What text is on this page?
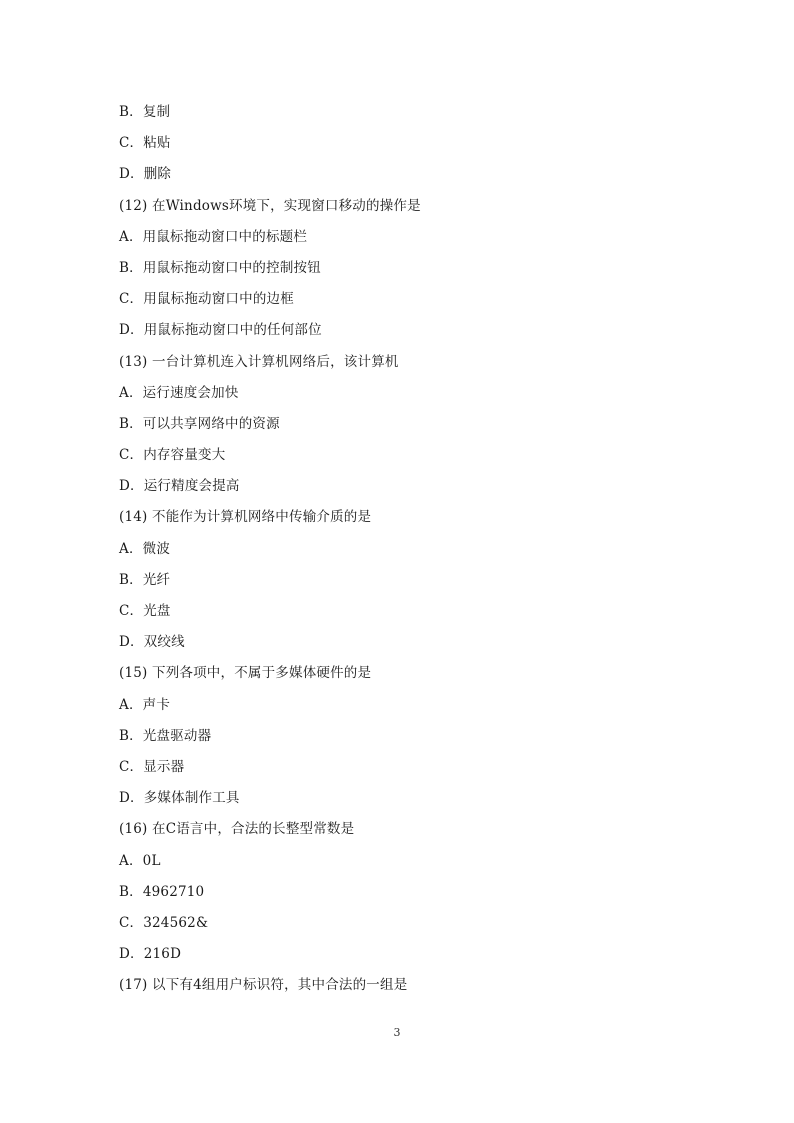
B．复制
C．粘贴
D．删除
(12) 在Windows环境下，实现窗口移动的操作是
A．用鼠标拖动窗口中的标题栏
B．用鼠标拖动窗口中的控制按钮
C．用鼠标拖动窗口中的边框
D．用鼠标拖动窗口中的任何部位
(13) 一台计算机连入计算机网络后，该计算机
A．运行速度会加快
B．可以共享网络中的资源
C．内存容量变大
D．运行精度会提高
(14) 不能作为计算机网络中传输介质的是
A．微波
B．光纤
C．光盘
D．双绞线
(15) 下列各项中，不属于多媒体硬件的是
A．声卡
B．光盘驱动器
C．显示器
D．多媒体制作工具
(16) 在C语言中，合法的长整型常数是
A．0L
B．4962710
C．324562&
D．216D
(17) 以下有4组用户标识符，其中合法的一组是
3
